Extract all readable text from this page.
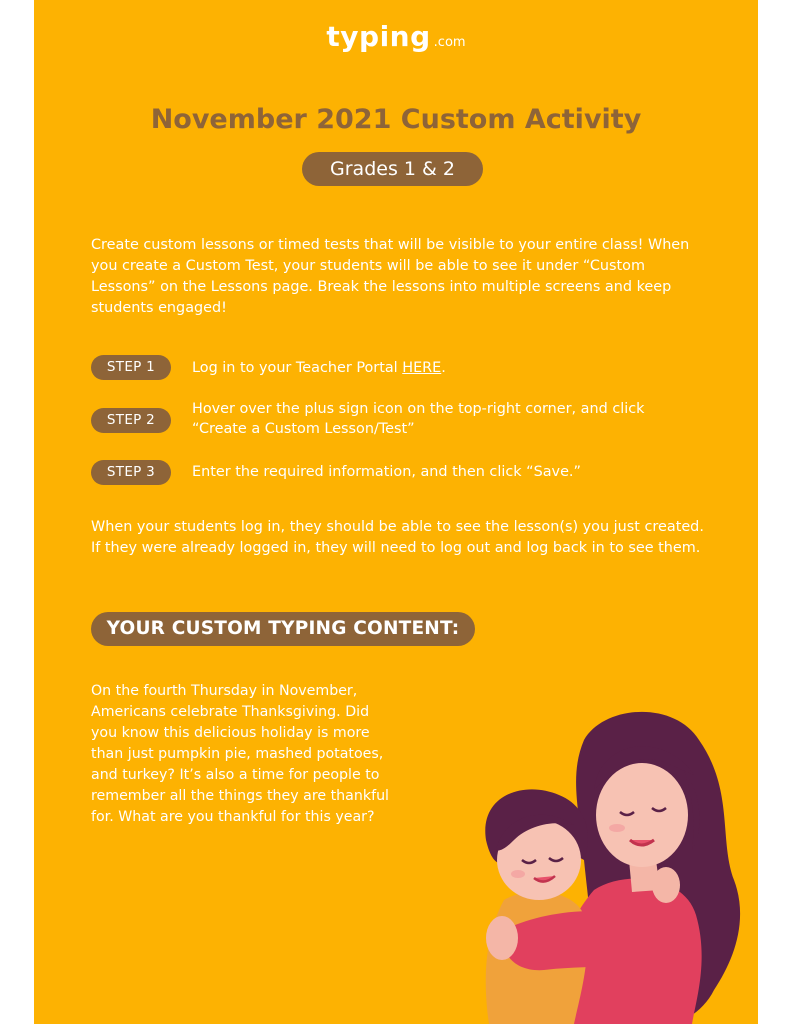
typing .com
November 2021 Custom Activity
Grades 1 & 2

Create custom lessons or timed tests that will be visible to your entire class! When you create a Custom Test, your students will be able to see it under “Custom Lessons” on the Lessons page. Break the lessons into multiple screens and keep students engaged!

STEP 1	Log in to your Teacher Portal HERE.
STEP 2
Hover over the plus sign icon on the top-right corner, and click “Create a Custom Lesson/Test”
STEP 3	Enter the required information, and then click “Save.”

When your students log in, they should be able to see the lesson(s) you just created. If they were already logged in, they will need to log out and log back in to see them.

YOUR CUSTOM TYPING CONTENT:

On the fourth Thursday in November, Americans celebrate Thanksgiving. Did you know this delicious holiday is more than just pumpkin pie, mashed potatoes, and turkey? It’s also a time for people to remember all the things they are thankful for. What are you thankful for this year?
